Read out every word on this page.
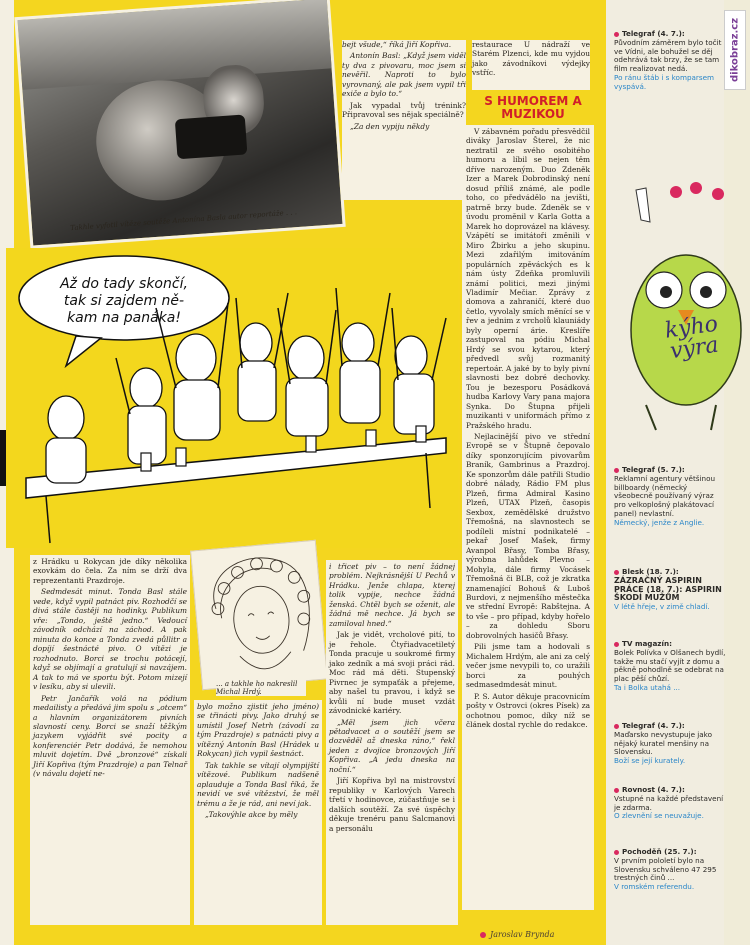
Takhle vyfotil vítěze soutěže Antonína Basla autor reportáže . . .

bejt všude,“ říká Jiří Kopřiva.

Antonín Basl: „Když jsem viděl ty dva z pivovaru, moc jsem si nevěřil. Naproti to bylo vyrovnaný, ale pak jsem vypil tři exiče a bylo to.“

Jak vypadal tvůj trénink? Připravoval ses nějak speciálně?

„Za den vypiju někdy

restaurace U nádraží ve Starém Plzenci, kde mu vyjdou jako závodníkovi výdejky vstříc.

S HUMOREM A MUZIKOU

V zábavném pořadu přesvědčil diváky Jaroslav Šterel, že nic neztratil ze svého osobitého humoru a líbil se nejen těm dříve narozeným. Duo Zdeněk Izer a Marek Dobrodinský není dosud příliš známé, ale podle toho, co předvádělo na jevišti, patrně brzy bude. Zdeněk se v úvodu proměnil v Karla Gotta a Marek ho doprovázel na klávesy. Vzápětí se imitátoři změnili v Miro Žbirku a jeho skupinu. Mezi zdařilým imitováním populárních zpěváckých es k nám ústy Zdeňka promluvili známí politici, mezi jinými Vladimír Mečiar. Zprávy z domova a zahraničí, které duo četlo, vyvolaly smích měnící se v řev a jednim z vrcholů klauniády byly operní árie. Kreslíře zastupoval na pódiu Michal Hrdý se svou kytarou, který předvedl svůj rozmanitý repertoár. A jaké by to byly pivní slavnosti bez dobré dechovky. Tou je bezesporu Posádková hudba Karlovy Vary pana majora Synka. Do Štupna přijeli muzikanti v uniformách přímo z Pražského hradu.

Nejlacinější pivo ve střední Evropě se v Štupně čepovalo díky sponzorujícím pivovarům Braník, Gambrinus a Prazdroj. Ke sponzorům dále patřili Studio dobré nálady, Rádio FM plus Plzeň, firma Admiral Kasino Plzeň, UTAX Plzeň, časopis Sexbox, zemědělské družstvo Třemošná, na slavnostech se podíleli místní podnikatelé – pekař Josef Mašek, firmy Avanpol Břasy, Tomba Břasy, výrobna lahůdek Plevno – Mohyla, dále firmy Vocásek Třemošná či BLB, což je zkratka znamenající Bohouš & Luboš Burdovi, z nejmenšího městečka ve střední Evropě: Rabštejna. A to vše – pro případ, kdyby hořelo – za dohledu Sboru dobrovolných hasičů Břasy.

Pili jsme tam a hodovali s Michalem Hrdým, ale ani za celý večer jsme nevypili to, co uražili borci za pouhých sedmasedmdesát minut.

P. S. Autor děkuje pracovnicím pošty v Ostrovci (okres Písek) za ochotnou pomoc, díky níž se článek dostal rychle do redakce.

Až do tady skončí,
tak si zajdem ně-
kam na panáka!

z Hrádku u Rokycan jde díky několika exovkám do čela. Za ním se drží dva reprezentanti Prazdroje.

Sedmdesát minut. Tonda Basl stále vede, když vypil patnáct piv. Rozhodčí se divá stále častěji na hodinky. Publikum vře: „Tondo, ještě jedno.“ Vedoucí závodník odchází na záchod. A pak minuta do konce a Tonda zvedá půllitr a dopíjí šestnácté pivo. O vítězi je rozhodnuto. Borci se trochu potácejí, když se objímají a gratulují si navzájem. A tak to má ve sportu být. Potom mizejí v lesíku, aby si ulevili.

Petr Jančařík volá na pódium medailisty a předává jim spolu s „otcem“ a hlavním organizátorem pivních slavností ceny. Borci se snaží těžkým jazykem vyjádřit své pocity a konferenciér Petr dodává, že nemohou mluvit dojetím. Dvě „bronzové“ získali Jiří Kopřiva (tým Prazdroje) a pan Telnař (v návalu dojetí ne-

... a takhle ho nakreslil Michal Hrdý.

bylo možno zjistit jeho jméno) se třinácti pivy. Jako druhý se umístil Josef Netrh (závodí za tým Prazdroje) s patnácti pivy a vítězný Antonín Basl (Hrádek u Rokycan) jich vypil šestnáct.

Tak takhle se vítají olympijští vítězové. Publikum nadšeně aplauduje a Tonda Basl říká, že nevidí ve své vítězství, že měl trému a že je rád, ani neví jak.

„Takovýhle akce by měly

i třicet piv – to není žádnej problém. Nejkrásnější U Pechů v Hrádku. Jenže chlapa, kterej tolik vypije, nechce žádná ženská. Chtěl bych se oženit, ale žádná mě nechce. Já bych se zamiloval hned.“

Jak je vidět, vrcholové pití, to je řehole. Čtyřiadvacetiletý Tonda pracuje u soukromé firmy jako zedník a má svoji práci rád. Moc rád má děti. Stupenský Pivrnec je sympaťák a přejeme, aby našel tu pravou, i když se kvůli ní bude muset vzdát závodnické kariéry.

„Měl jsem jich včera pětadvacet a o soutěží jsem se dozvěděl až dneska ráno,“ řekl jeden z dvojice bronzových Jiří Kopřiva. „A jedu dneska na noční.“

Jiří Kopřiva byl na mistrovství republiky v Karlových Varech třetí v hodinovce, zúčastňuje se i dalších soutěží. Za své úspěchy děkuje trenéru panu Salcmanovi a personálu

Jaroslav Brynda
dikobraz.cz
Telegraf (4. 7.):
Původním záměrem bylo točit ve Vídni, ale bohužel se děj odehrává tak brzy, že se tam film realizovat nedá.
Po ránu štáb i s komparsem vyspává.
kýho výra
Telegraf (5. 7.):
Reklamní agentury většinou billboardy (německý všeobecně používaný výraz pro velkoplošný plakátovací panel) nevlastní.
Německý, jenže z Anglie.
Blesk (18. 7.):
ZÁZRAČNÝ ASPIRIN PRÁCE (18. 7.): ASPIRIN ŠKODÍ MUŽŮM
V létě hřeje, v zimě chladí.
TV magazín:
Bolek Polívka v Olšanech bydlí, takže mu stačí vyjít z domu a pěkně pohodlně se odebrat na plac pěší chůzí.
Ta i Bolka utahá ...
Telegraf (4. 7.):
Maďarsko nevystupuje jako nějaký kuratel menšiny na Slovensku.
Boží se její kurately.
Rovnost (4. 7.):
Vstupné na každé představení je zdarma.
O zlevnění se neuvažuje.
Pochoděň (25. 7.):
V prvním pololetí bylo na Slovensku schváleno 47 295 trestných činů ...
V romském referendu.
